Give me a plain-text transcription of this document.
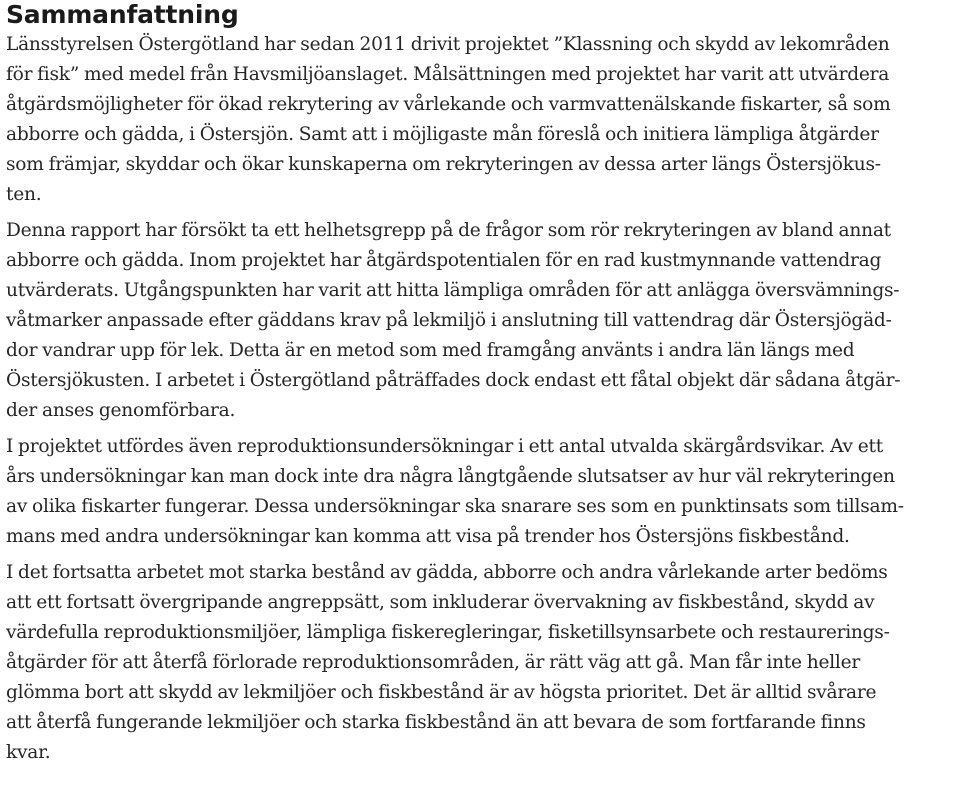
Sammanfattning

Länsstyrelsen Östergötland har sedan 2011 drivit projektet ”Klassning och skydd av lekområden
för fisk” med medel från Havsmiljöanslaget. Målsättningen med projektet har varit att utvärdera
åtgärdsmöjligheter för ökad rekrytering av vårlekande och varmvattenälskande fiskarter, så som
abborre och gädda, i Östersjön. Samt att i möjligaste mån föreslå och initiera lämpliga åtgärder
som främjar, skyddar och ökar kunskaperna om rekryteringen av dessa arter längs Östersjökus-
ten.

Denna rapport har försökt ta ett helhetsgrepp på de frågor som rör rekryteringen av bland annat
abborre och gädda. Inom projektet har åtgärdspotentialen för en rad kustmynnande vattendrag
utvärderats. Utgångspunkten har varit att hitta lämpliga områden för att anlägga översvämnings-
våtmarker anpassade efter gäddans krav på lekmiljö i anslutning till vattendrag där Östersjögäd-
dor vandrar upp för lek. Detta är en metod som med framgång använts i andra län längs med
Östersjökusten. I arbetet i Östergötland påträffades dock endast ett fåtal objekt där sådana åtgär-
der anses genomförbara.

I projektet utfördes även reproduktionsundersökningar i ett antal utvalda skärgårdsvikar. Av ett
års undersökningar kan man dock inte dra några långtgående slutsatser av hur väl rekryteringen
av olika fiskarter fungerar. Dessa undersökningar ska snarare ses som en punktinsats som tillsam-
mans med andra undersökningar kan komma att visa på trender hos Östersjöns fiskbestånd.

I det fortsatta arbetet mot starka bestånd av gädda, abborre och andra vårlekande arter bedöms
att ett fortsatt övergripande angreppsätt, som inkluderar övervakning av fiskbestånd, skydd av
värdefulla reproduktionsmiljöer, lämpliga fiskeregleringar, fisketillsynsarbete och restaurerings-
åtgärder för att återfå förlorade reproduktionsområden, är rätt väg att gå. Man får inte heller
glömma bort att skydd av lekmiljöer och fiskbestånd är av högsta prioritet. Det är alltid svårare
att återfå fungerande lekmiljöer och starka fiskbestånd än att bevara de som fortfarande finns
kvar.
